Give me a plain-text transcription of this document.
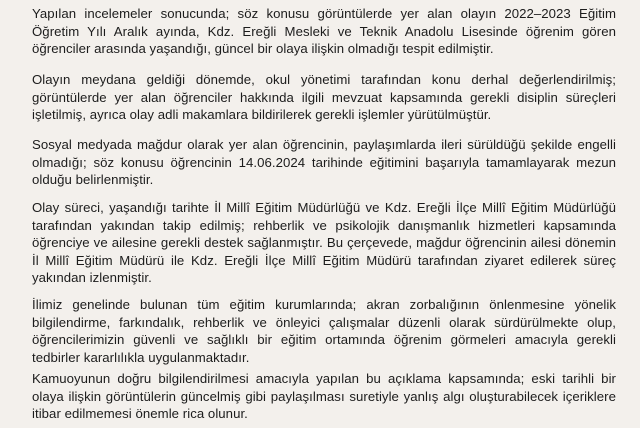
Yapılan incelemeler sonucunda; söz konusu görüntülerde yer alan olayın 2022–2023 Eğitim Öğretim Yılı Aralık ayında, Kdz. Ereğli Mesleki ve Teknik Anadolu Lisesinde öğrenim gören öğrenciler arasında yaşandığı, güncel bir olaya ilişkin olmadığı tespit edilmiştir.

Olayın meydana geldiği dönemde, okul yönetimi tarafından konu derhal değerlendirilmiş; görüntülerde yer alan öğrenciler hakkında ilgili mevzuat kapsamında gerekli disiplin süreçleri işletilmiş, ayrıca olay adli makamlara bildirilerek gerekli işlemler yürütülmüştür.

Sosyal medyada mağdur olarak yer alan öğrencinin, paylaşımlarda ileri sürüldüğü şekilde engelli olmadığı; söz konusu öğrencinin 14.06.2024 tarihinde eğitimini başarıyla tamamlayarak mezun olduğu belirlenmiştir.

Olay süreci, yaşandığı tarihte İl Millî Eğitim Müdürlüğü ve Kdz. Ereğli İlçe Millî Eğitim Müdürlüğü tarafından yakından takip edilmiş; rehberlik ve psikolojik danışmanlık hizmetleri kapsamında öğrenciye ve ailesine gerekli destek sağlanmıştır. Bu çerçevede, mağdur öğrencinin ailesi dönemin İl Millî Eğitim Müdürü ile Kdz. Ereğli İlçe Millî Eğitim Müdürü tarafından ziyaret edilerek süreç yakından izlenmiştir.

İlimiz genelinde bulunan tüm eğitim kurumlarında; akran zorbalığının önlenmesine yönelik bilgilendirme, farkındalık, rehberlik ve önleyici çalışmalar düzenli olarak sürdürülmekte olup, öğrencilerimizin güvenli ve sağlıklı bir eğitim ortamında öğrenim görmeleri amacıyla gerekli tedbirler kararlılıkla uygulanmaktadır.

Kamuoyunun doğru bilgilendirilmesi amacıyla yapılan bu açıklama kapsamında; eski tarihli bir olaya ilişkin görüntülerin güncelmiş gibi paylaşılması suretiyle yanlış algı oluşturabilecek içeriklere itibar edilmemesi önemle rica olunur.
